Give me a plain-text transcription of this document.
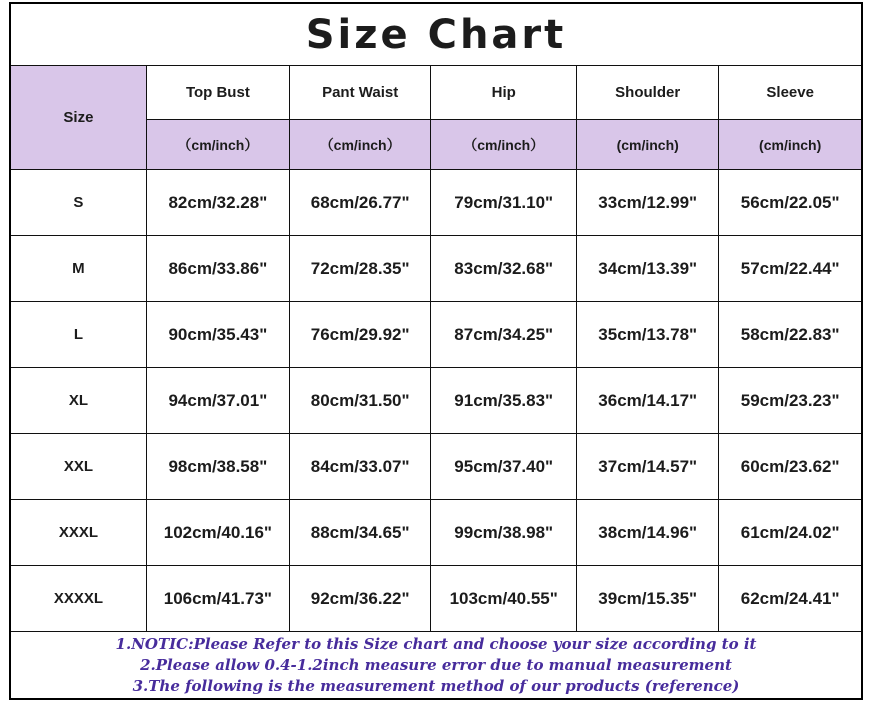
Size Chart					
Size	Top Bust	Pant Waist	Hip	Shoulder	Sleeve
	（cm/inch）	（cm/inch）	（cm/inch）	(cm/inch)	(cm/inch)
S	82cm/32.28"	68cm/26.77"	79cm/31.10"	33cm/12.99"	56cm/22.05"
M	86cm/33.86"	72cm/28.35"	83cm/32.68"	34cm/13.39"	57cm/22.44"
L	90cm/35.43"	76cm/29.92"	87cm/34.25"	35cm/13.78"	58cm/22.83"
XL	94cm/37.01"	80cm/31.50"	91cm/35.83"	36cm/14.17"	59cm/23.23"
XXL	98cm/38.58"	84cm/33.07"	95cm/37.40"	37cm/14.57"	60cm/23.62"
XXXL	102cm/40.16"	88cm/34.65"	99cm/38.98"	38cm/14.96"	61cm/24.02"
XXXXL	106cm/41.73"	92cm/36.22"	103cm/40.55"	39cm/15.35"	62cm/24.41"

1.NOTIC:Please Refer to this Size chart and choose your size according to it
2.Please allow 0.4-1.2inch measure error due to manual measurement
3.The following is the measurement method of our products (reference)					
